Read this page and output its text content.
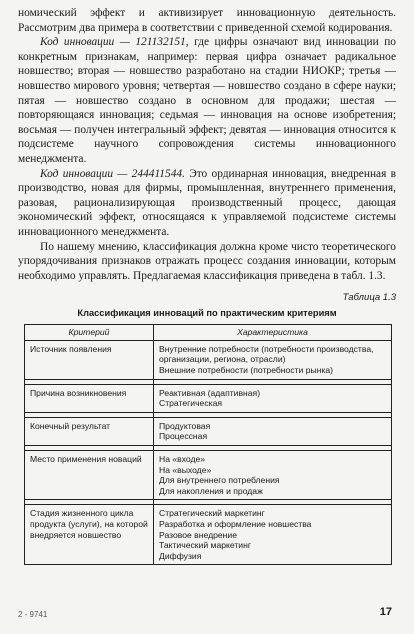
номический эффект и активизирует инновационную деятельность. Рассмотрим два примера в соответствии с приведенной схемой кодирования.

Код инновации — 121132151, где цифры означают вид инновации по конкретным признакам, например: первая цифра означает радикальное новшество; вторая — новшество разработано на стадии НИОКР; третья — новшество мирового уровня; четвертая — новшество создано в сфере науки; пятая — новшество создано в основном для продажи; шестая — повторяющаяся инновация; седьмая — инновация на основе изобретения; восьмая — получен интегральный эффект; девятая — инновация относится к подсистеме научного сопровождения системы инновационного менеджмента.

Код инновации — 244411544. Это ординарная инновация, внедренная в производство, новая для фирмы, промышленная, внутреннего применения, разовая, рационализирующая производственный процесс, дающая экономический эффект, относящаяся к управляемой подсистеме системы инновационного менеджмента.

По нашему мнению, классификация должна кроме чисто теоретического упорядочивания признаков отражать процесс создания инновации, которым необходимо управлять. Предлагаемая классификация приведена в табл. 1.3.

Таблица 1.3
Классификация инноваций по практическим критериям
Критерий	Характеристика
Источник появления	Внутренние потребности (потребности производства, организации, региона, отрасли)
Внешние потребности (потребности рынка)

Причина возникновения	Реактивная (адаптивная)
Стратегическая

Конечный результат	Продуктовая
Процессная

Место применения новаций	На «входе»
На «выходе»
Для внутреннего потребления
Для накопления и продаж

Стадия жизненного цикла продукта (услуги), на которой внедряется новшество	Стратегический маркетинг
Разработка и оформление новшества
Разовое внедрение
Тактический маркетинг
Диффузия
2 - 9741	17
